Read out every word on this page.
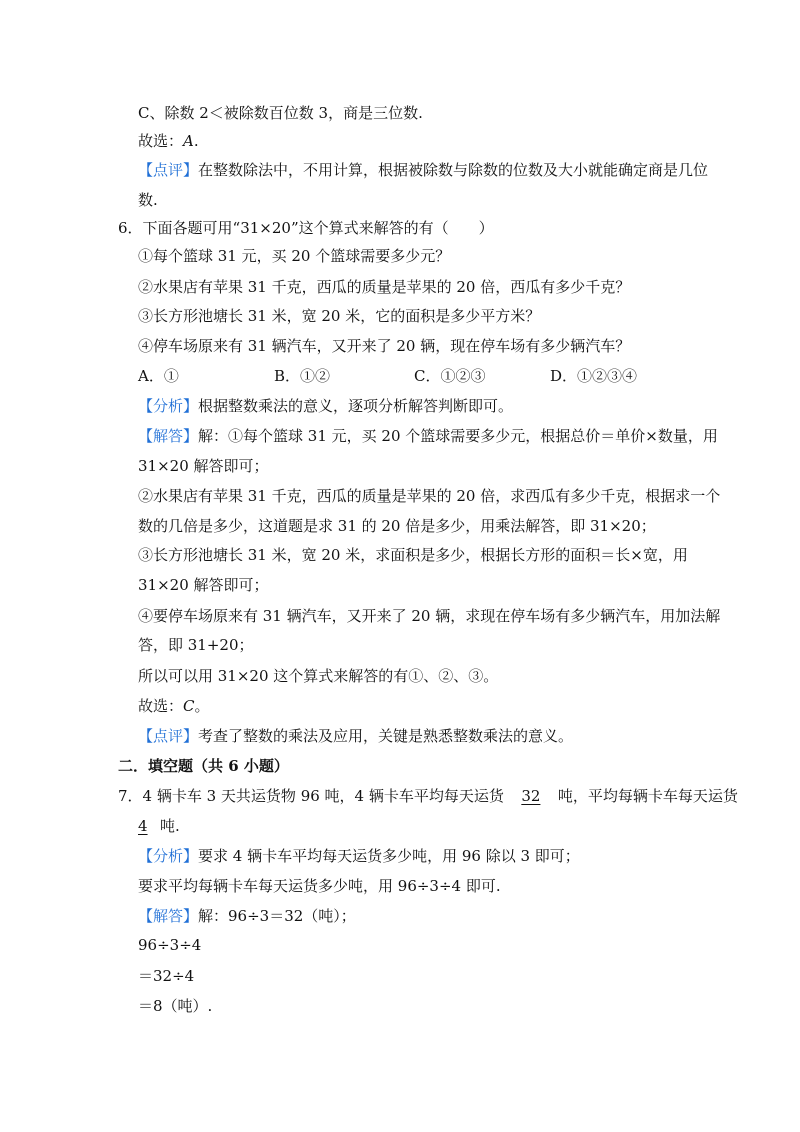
C、除数 2＜被除数百位数 3，商是三位数.
故选：A.
【点评】在整数除法中，不用计算，根据被除数与除数的位数及大小就能确定商是几位
数.
6．下面各题可用“31×20”这个算式来解答的有（　　）
①每个篮球 31 元，买 20 个篮球需要多少元？
②水果店有苹果 31 千克，西瓜的质量是苹果的 20 倍，西瓜有多少千克？
③长方形池塘长 31 米，宽 20 米，它的面积是多少平方米？
④停车场原来有 31 辆汽车，又开来了 20 辆，现在停车场有多少辆汽车？
A．①	B．①②	C．①②③	D．①②③④
【分析】根据整数乘法的意义，逐项分析解答判断即可。
【解答】解：①每个篮球 31 元，买 20 个篮球需要多少元，根据总价＝单价×数量，用
31×20 解答即可；
②水果店有苹果 31 千克，西瓜的质量是苹果的 20 倍，求西瓜有多少千克，根据求一个
数的几倍是多少，这道题是求 31 的 20 倍是多少，用乘法解答，即 31×20；
③长方形池塘长 31 米，宽 20 米，求面积是多少，根据长方形的面积＝长×宽，用
31×20 解答即可；
④要停车场原来有 31 辆汽车，又开来了 20 辆，求现在停车场有多少辆汽车，用加法解
答，即 31+20；
所以可以用 31×20 这个算式来解答的有①、②、③。
故选：C。
【点评】考查了整数的乘法及应用，关键是熟悉整数乘法的意义。
二．填空题（共 6 小题）
7．4 辆卡车 3 天共运货物 96 吨，4 辆卡车平均每天运货 32 吨，平均每辆卡车每天运货
4 吨.
【分析】要求 4 辆卡车平均每天运货多少吨，用 96 除以 3 即可；
要求平均每辆卡车每天运货多少吨，用 96÷3÷4 即可.
【解答】解：96÷3＝32（吨）；
96÷3÷4
＝32÷4
＝8（吨）.
